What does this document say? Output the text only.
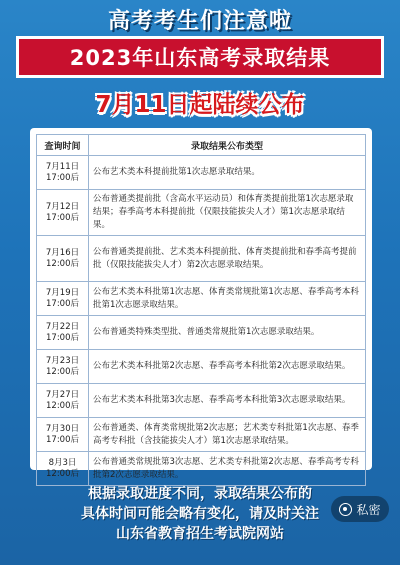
高考考生们注意啦
2023年山东高考录取结果
7月11日起陆续公布
查询时间	录取结果公布类型

7月11日
17:00后	公布艺术类本科提前批第1次志愿录取结果。

7月12日
17:00后	公布普通类提前批（含高水平运动员）和体育类提前批第1次志愿录取结果；春季高考本科提前批（仅限技能拔尖人才）第1次志愿录取结果。

7月16日
12:00后	公布普通类提前批、艺术类本科提前批、体育类提前批和春季高考提前批（仅限技能拔尖人才）第2次志愿录取结果。

7月19日
17:00后	公布艺术类本科批第1次志愿、体育类常规批第1次志愿、春季高考本科批第1次志愿录取结果。

7月22日
17:00后	公布普通类特殊类型批、普通类常规批第1次志愿录取结果。

7月23日
12:00后	公布艺术类本科批第2次志愿、春季高考本科批第2次志愿录取结果。

7月27日
12:00后	公布艺术类本科批第3次志愿、春季高考本科批第3次志愿录取结果。

7月30日
17:00后	公布普通类、体育类常规批第2次志愿；艺术类专科批第1次志愿、春季高考专科批（含技能拔尖人才）第1次志愿录取结果。

8月3日
12:00后	公布普通类常规批第3次志愿、艺术类专科批第2次志愿、春季高考专科批第2次志愿录取结果。
根据录取进度不同，录取结果公布的
具体时间可能会略有变化，请及时关注
山东省教育招生考试院网站
私密
